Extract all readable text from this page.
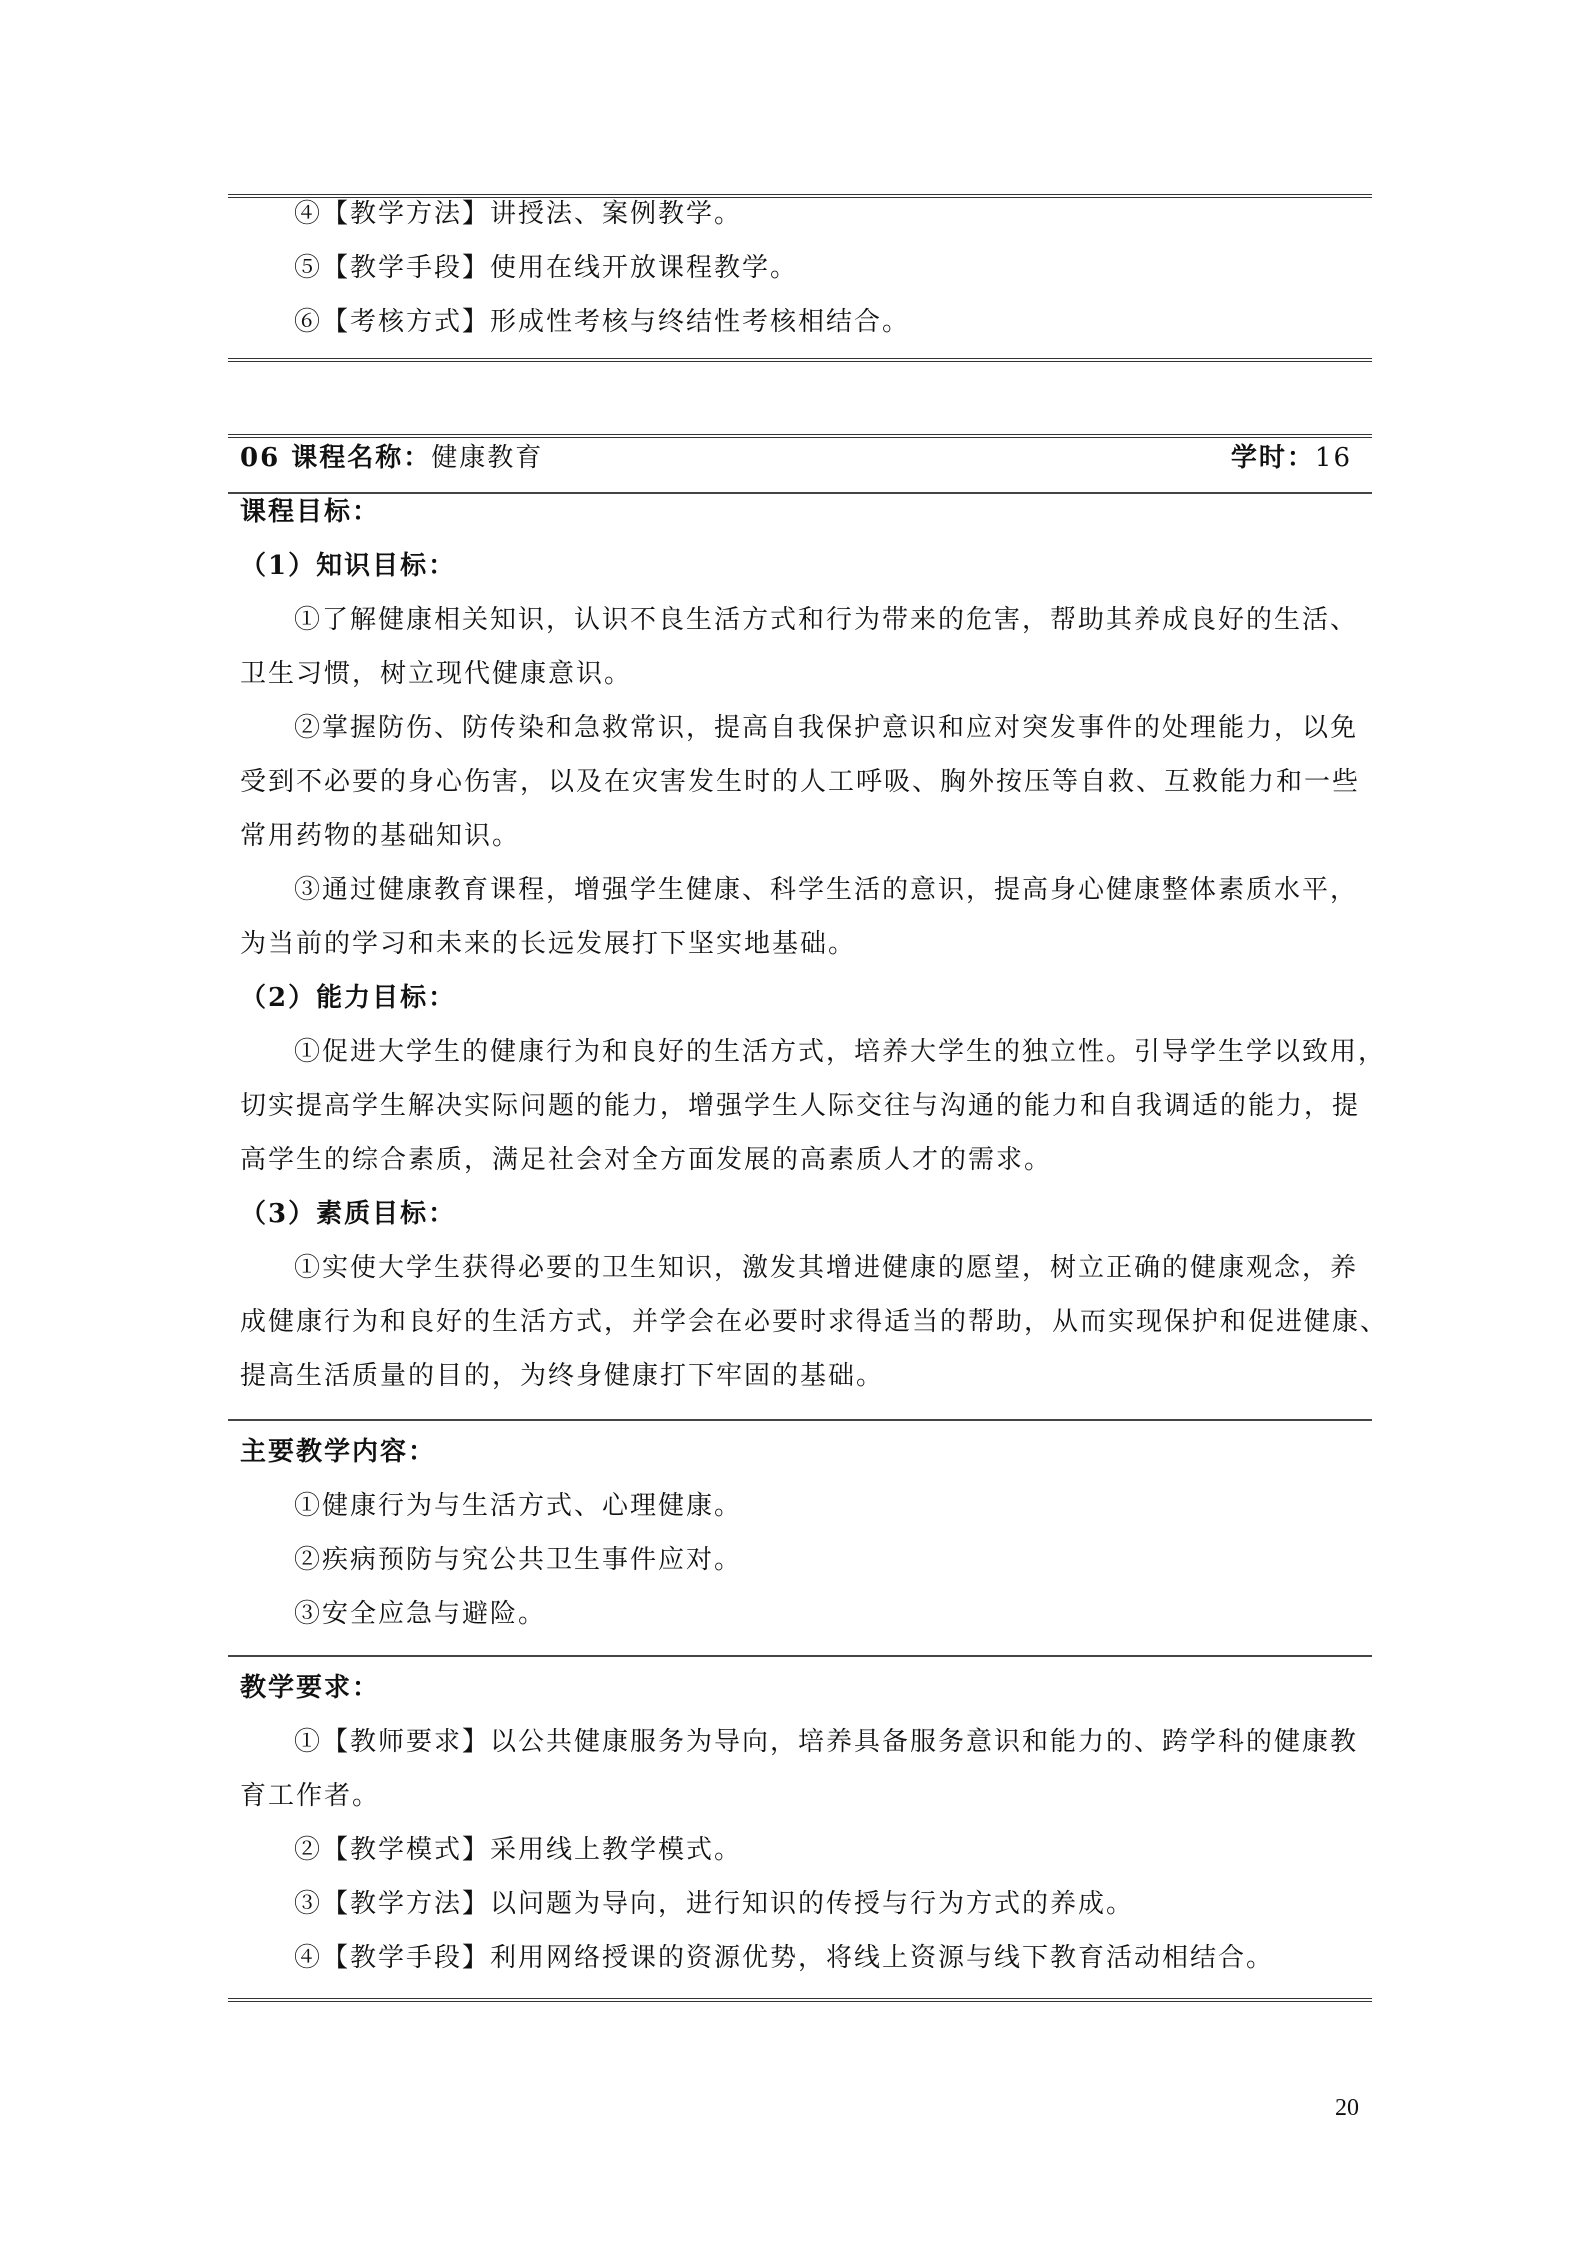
④【教学方法】讲授法、案例教学。
⑤【教学手段】使用在线开放课程教学。
⑥【考核方式】形成性考核与终结性考核相结合。
06 课程名称：健康教育	学时：16
课程目标：
（1）知识目标：
①了解健康相关知识，认识不良生活方式和行为带来的危害，帮助其养成良好的生活、
卫生习惯，树立现代健康意识。
②掌握防伤、防传染和急救常识，提高自我保护意识和应对突发事件的处理能力，以免
受到不必要的身心伤害，以及在灾害发生时的人工呼吸、胸外按压等自救、互救能力和一些
常用药物的基础知识。
③通过健康教育课程，增强学生健康、科学生活的意识，提高身心健康整体素质水平，
为当前的学习和未来的长远发展打下坚实地基础。
（2）能力目标：
①促进大学生的健康行为和良好的生活方式，培养大学生的独立性。引导学生学以致用，
切实提高学生解决实际问题的能力，增强学生人际交往与沟通的能力和自我调适的能力，提
高学生的综合素质，满足社会对全方面发展的高素质人才的需求。
（3）素质目标：
①实使大学生获得必要的卫生知识，激发其增进健康的愿望，树立正确的健康观念，养
成健康行为和良好的生活方式，并学会在必要时求得适当的帮助，从而实现保护和促进健康、
提高生活质量的目的，为终身健康打下牢固的基础。
主要教学内容：
①健康行为与生活方式、心理健康。
②疾病预防与究公共卫生事件应对。
③安全应急与避险。
教学要求：
①【教师要求】以公共健康服务为导向，培养具备服务意识和能力的、跨学科的健康教
育工作者。
②【教学模式】采用线上教学模式。
③【教学方法】以问题为导向，进行知识的传授与行为方式的养成。
④【教学手段】利用网络授课的资源优势，将线上资源与线下教育活动相结合。
20
